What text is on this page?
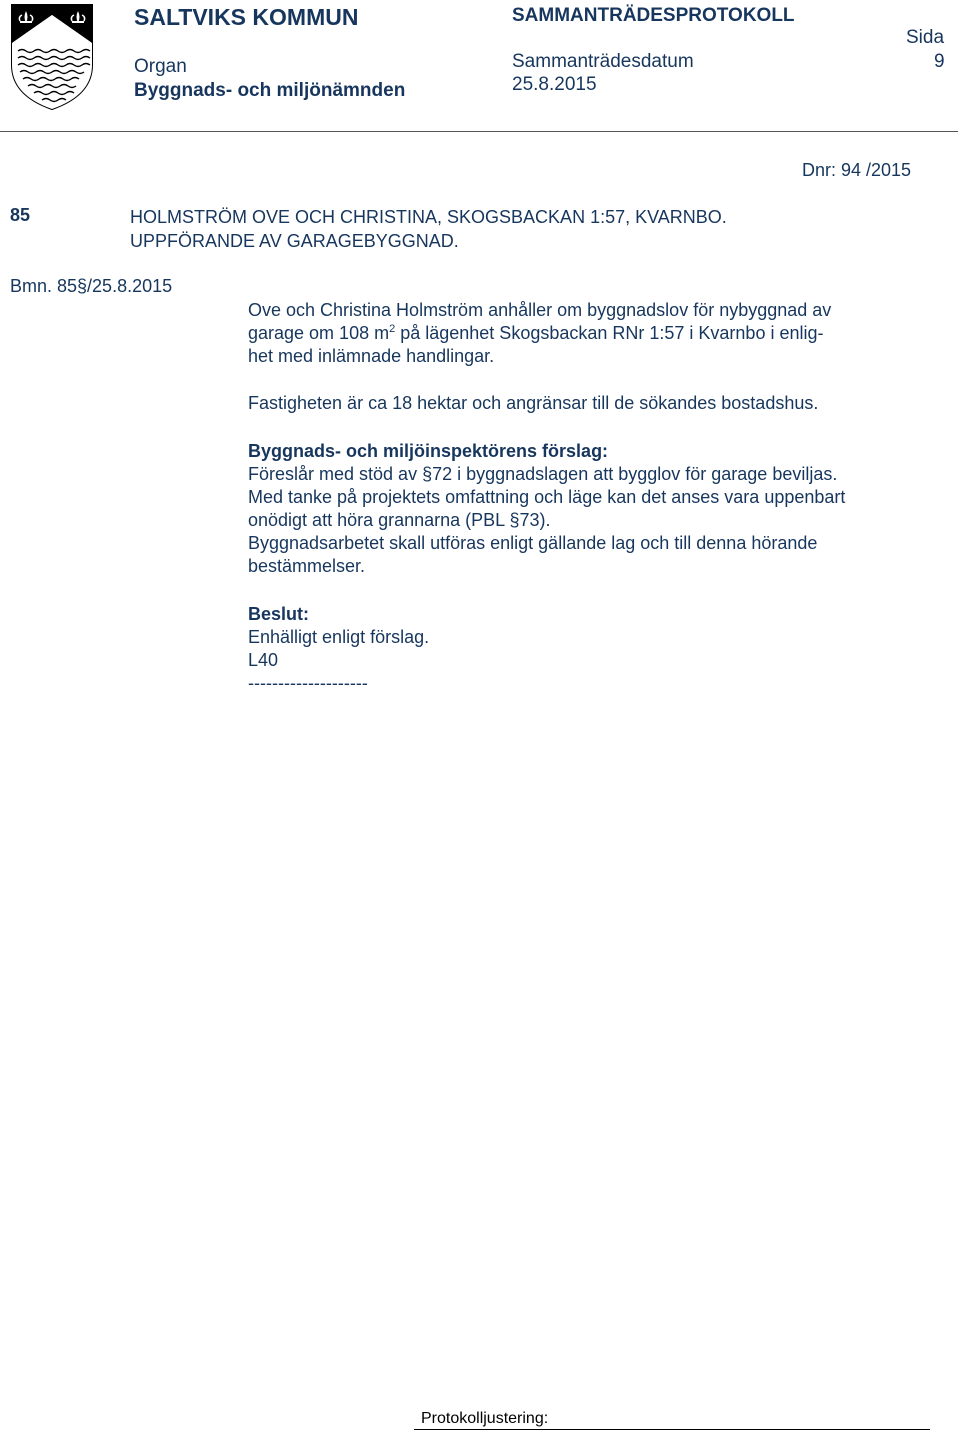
SALTVIKS KOMMUN
Organ
Byggnads- och miljönämnden
SAMMANTRÄDESPROTOKOLL
Sammanträdesdatum
25.8.2015
Sida
9
Dnr: 94 /2015
85	HOLMSTRÖM OVE OCH CHRISTINA, SKOGSBACKAN 1:57, KVARNBO.
UPPFÖRANDE AV GARAGEBYGGNAD.
Bmn. 85§/25.8.2015

Ove och Christina Holmström anhåller om byggnadslov för nybyggnad av

garage om 108 $m^2$ på lägenhet Skogsbackan RNr 1:57 i Kvarnbo i enlig-

het med inlämnade handlingar.

Fastigheten är ca 18 hektar och angränsar till de sökandes bostadshus.

Byggnads- och miljöinspektörens förslag:

Föreslår med stöd av §72 i byggnadslagen att bygglov för garage beviljas.

Med tanke på projektets omfattning och läge kan det anses vara uppenbart

onödigt att höra grannarna (PBL §73).

Byggnadsarbetet skall utföras enligt gällande lag och till denna hörande

bestämmelser.

Beslut:

Enhälligt enligt förslag.

L40

--------------------

Protokolljustering:
